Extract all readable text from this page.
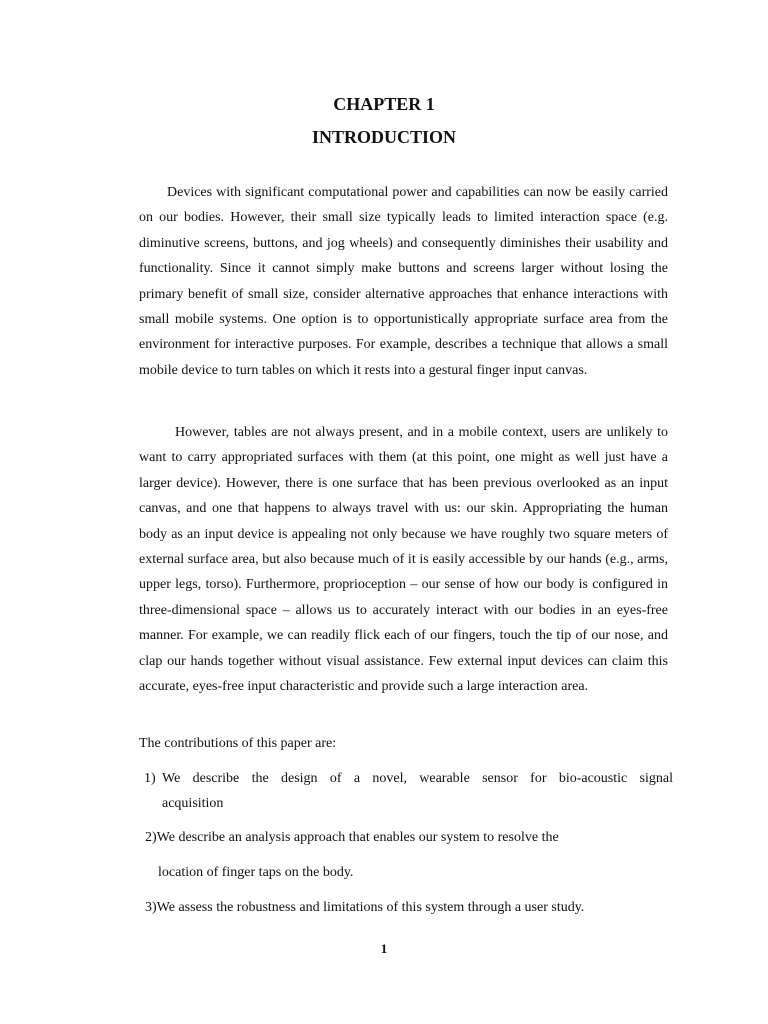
CHAPTER 1
INTRODUCTION

Devices with significant computational power and capabilities can now be easily carried on our bodies. However, their small size typically leads to limited interaction space (e.g. diminutive screens, buttons, and jog wheels) and consequently diminishes their usability and functionality. Since it cannot simply make buttons and screens larger without losing the primary benefit of small size, consider alternative approaches that enhance interactions with small mobile systems. One option is to opportunistically appropriate surface area from the environment for interactive purposes. For example, describes a technique that allows a small mobile device to turn tables on which it rests into a gestural finger input canvas.

However, tables are not always present, and in a mobile context, users are unlikely to want to carry appropriated surfaces with them (at this point, one might as well just have a larger device). However, there is one surface that has been previous overlooked as an input canvas, and one that happens to always travel with us: our skin. Appropriating the human body as an input device is appealing not only because we have roughly two square meters of external surface area, but also because much of it is easily accessible by our hands (e.g., arms, upper legs, torso). Furthermore, proprioception – our sense of how our body is configured in three-dimensional space – allows us to accurately interact with our bodies in an eyes-free manner. For example, we can readily flick each of our fingers, touch the tip of our nose, and clap our hands together without visual assistance. Few external input devices can claim this accurate, eyes-free input characteristic and provide such a large interaction area.

The contributions of this paper are:
1) We describe the design of a novel, wearable sensor for bio-acoustic signal
acquisition
2)We describe an analysis approach that enables our system to resolve the
location of finger taps on the body.
3)We assess the robustness and limitations of this system through a user study.
1
